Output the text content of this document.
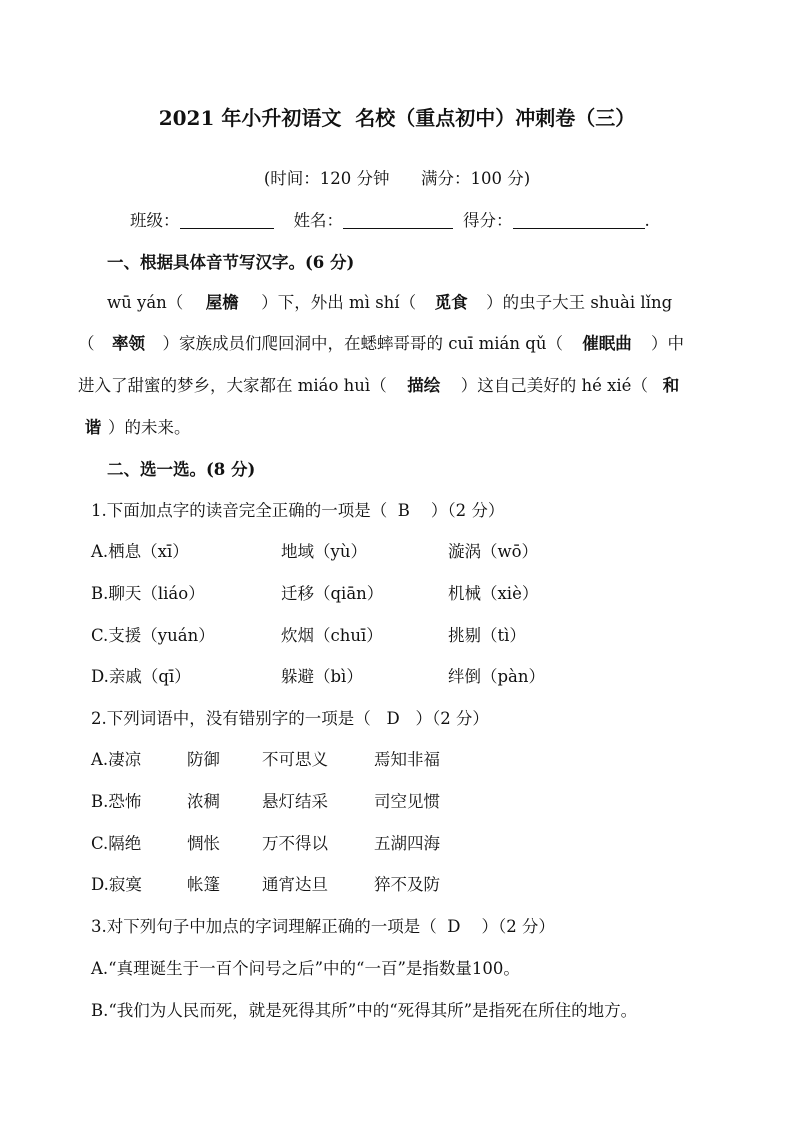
2021 年小升初语文  名校（重点初中）冲刺卷（三）
(时间：120 分钟      满分：100 分)
班级：	姓名：	得分：	.
一、根据具体音节写汉字。(6 分)
wū yán（ 屋檐 ）下，外出 mì shí（ 觅食 ）的虫子大王 shuài lǐng
（ 率领 ）家族成员们爬回洞中，在蟋蟀哥哥的 cuī mián qǔ（ 催眠曲 ）中
进入了甜蜜的梦乡，大家都在 miáo huì（ 描绘 ）这自己美好的 hé xié（ 和
谐 ）的未来。
二、选一选。(8 分)
1.下面加点字的读音完全正确的一项是（  B    ）（2 分）
A.栖息（xī）	地域（yù）	漩涡（wō）
B.聊天（liáo）	迁移（qiān）	机械（xiè）
C.支援（yuán）	炊烟（chuī）	挑剔（tì）
D.亲戚（qī）	躲避（bì）	绊倒（pàn）
2.下列词语中，没有错别字的一项是（   D   ）（2 分）
A.凄凉	防御	不可思义	焉知非福
B.恐怖	浓稠	悬灯结采	司空见惯
C.隔绝	惆怅	万不得以	五湖四海
D.寂寞	帐篷	通宵达旦	猝不及防
3.对下列句子中加点的字词理解正确的一项是（  D    ）（2 分）
A.“真理诞生于一百个问号之后”中的“一百”是指数量100。
B.“我们为人民而死，就是死得其所”中的“死得其所”是指死在所住的地方。
